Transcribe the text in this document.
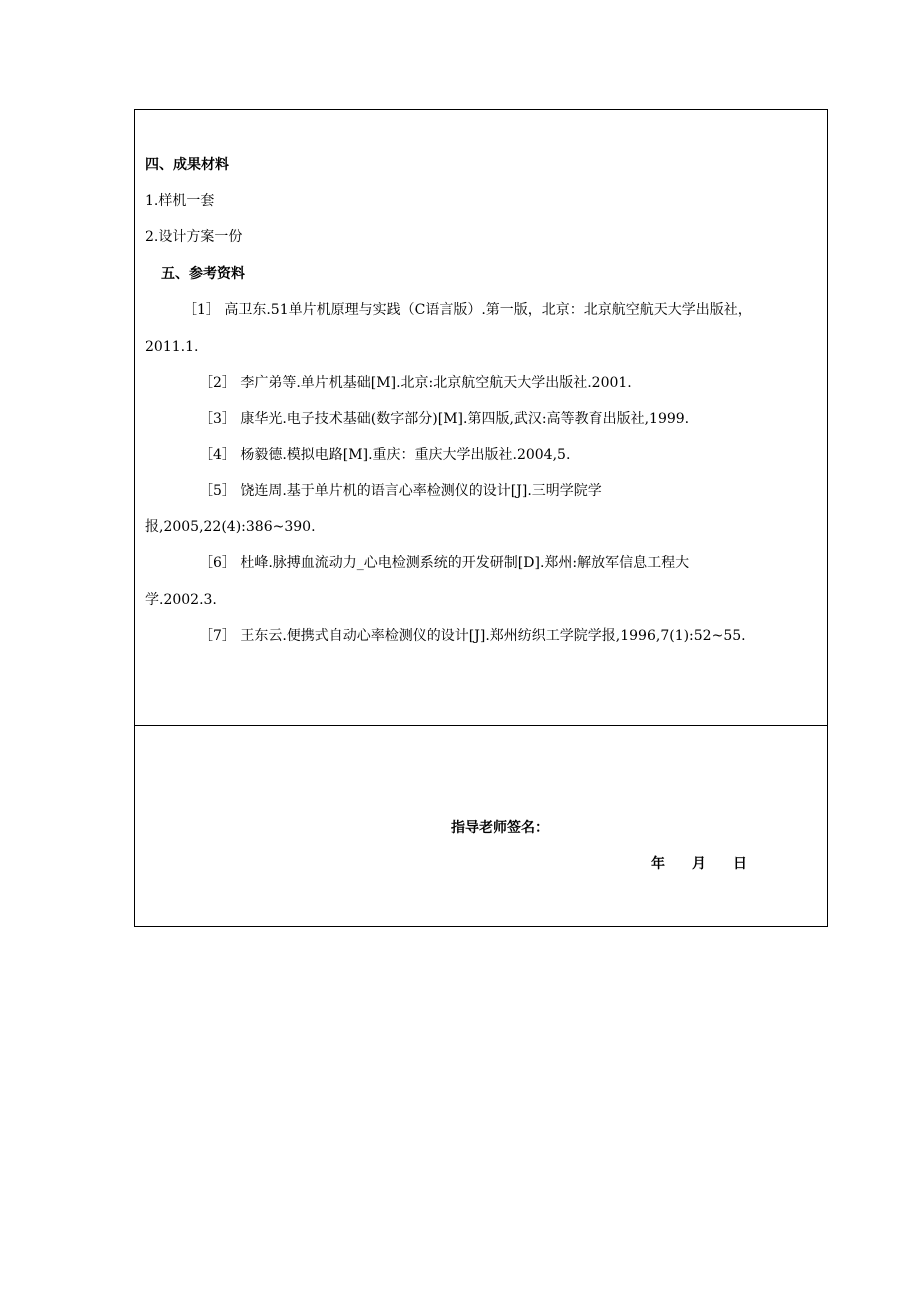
四、成果材料
1.样机一套
2.设计方案一份
五、参考资料
［1］ 高卫东.51单片机原理与实践（C语言版）.第一版，北京：北京航空航天大学出版社，
2011.1.
［2］ 李广弟等.单片机基础[M].北京:北京航空航天大学出版社.2001.
［3］ 康华光.电子技术基础(数字部分)[M].第四版,武汉:高等教育出版社,1999.
［4］ 杨毅德.模拟电路[M].重庆：重庆大学出版社.2004,5.
［5］ 饶连周.基于单片机的语言心率检测仪的设计[J].三明学院学
报,2005,22(4):386~390.
［6］ 杜峰.脉搏血流动力_心电检测系统的开发研制[D].郑州:解放军信息工程大
学.2002.3.
［7］ 王东云.便携式自动心率检测仪的设计[J].郑州纺织工学院学报,1996,7(1):52~55.
指导老师签名：
年 月 日
